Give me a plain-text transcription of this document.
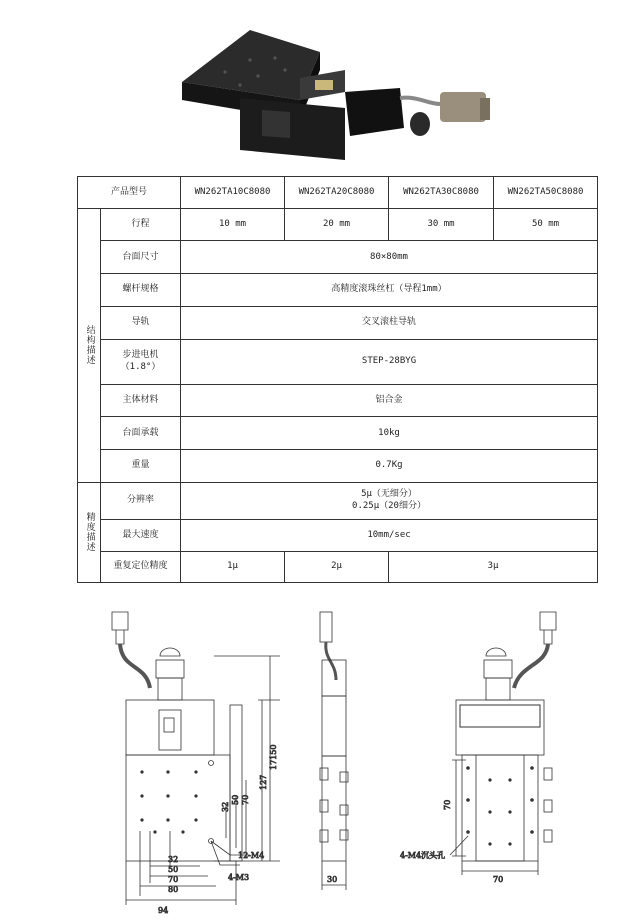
产品型号		WN262TA10C8080	WN262TA20C8080	WN262TA30C8080	WN262TA50C8080
结构描述	行程	10 mm	20 mm	30 mm	50 mm
	台面尺寸	80×80mm			
	螺杆规格	高精度滚珠丝杠（导程1mm）			
	导轨	交叉滚柱导轨			

	步进电机
（1.8°）	STEP-28BYG			
	主体材料	铝合金			
	台面承载	10kg			
	重量	0.7Kg			
精度描述	分辨率	5μ（无细分）
0.25μ（20细分）			

	最大速度	10mm/sec			
	重复定位精度	1μ	2μ	3μ	
32
50 70
127
17150
32
50
70
80
94
12-M4
4-M3	30
70
70
4-M4沉头孔
